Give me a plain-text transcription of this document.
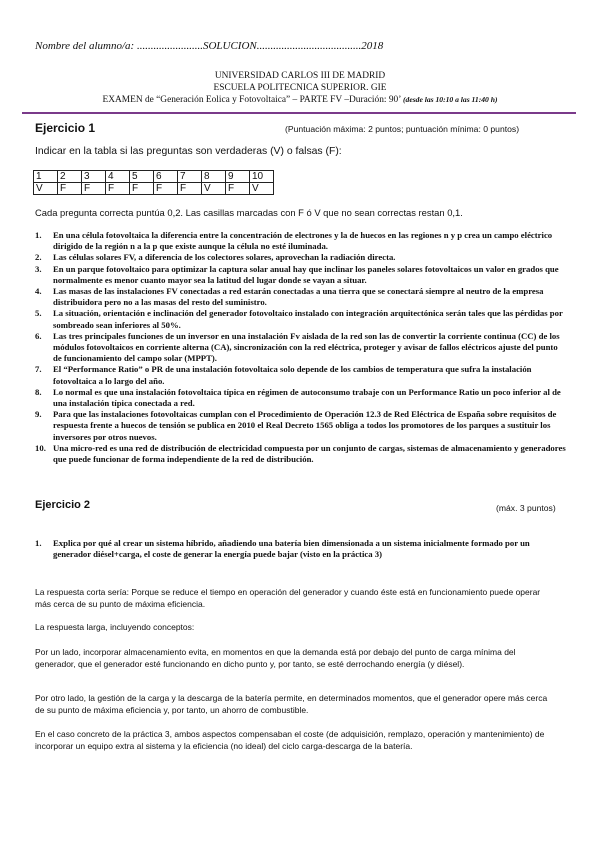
Nombre del alumno/a: ........................SOLUCION......................................2018
UNIVERSIDAD CARLOS III DE MADRID
ESCUELA POLITECNICA SUPERIOR. GIE
EXAMEN de “Generación Eolica y Fotovoltaica” – PARTE FV –Duración: 90’ (desde las 10:10 a las 11:40 h)
Ejercicio 1	(Puntuación máxima: 2 puntos; puntuación mínima: 0 puntos)
Indicar en la tabla si las preguntas son verdaderas (V) o falsas (F):
1	2	3	4	5	6	7	8	9	10
V	F	F	F	F	F	F	V	F	V
Cada pregunta correcta puntúa 0,2. Las casillas marcadas con F ó V que no sean correctas restan 0,1.
1.	En una célula fotovoltaica la diferencia entre la concentración de electrones y la de huecos en las regiones n y p crea un campo eléctrico dirigido de la región n a la p que existe aunque la célula no esté iluminada.
2.	Las células solares FV, a diferencia de los colectores solares, aprovechan la radiación directa.
3.	En un parque fotovoltaico para optimizar la captura solar anual hay que inclinar los paneles solares fotovoltaicos un valor en grados que normalmente es menor cuanto mayor sea la latitud del lugar donde se vayan a situar.
4.	Las masas de las instalaciones FV conectadas a red estarán conectadas a una tierra que se conectará siempre al neutro de la empresa distribuidora pero no a las masas del resto del suministro.
5.	La situación, orientación e inclinación del generador fotovoltaico instalado con integración arquitectónica serán tales que las pérdidas por sombreado sean inferiores al 50%.
6.	Las tres principales funciones de un inversor en una instalación Fv aislada de la red son las de convertir la corriente continua (CC) de los módulos fotovoltaicos en corriente alterna (CA), sincronización con la red eléctrica, proteger y avisar de fallos eléctricos ajuste del punto de funcionamiento del campo solar (MPPT).
7.	El “Performance Ratio” o PR de una instalación fotovoltaica solo depende de los cambios de temperatura que sufra la instalación fotovoltaica a lo largo del año.
8.	Lo normal es que una instalación fotovoltaica típica en régimen de autoconsumo trabaje con un Performance Ratio un poco inferior al de una instalación típica conectada a red.
9.	Para que las instalaciones fotovoltaicas cumplan con el Procedimiento de Operación 12.3 de Red Eléctrica de España sobre requisitos de respuesta frente a huecos de tensión se publica en 2010 el Real Decreto 1565 obliga a todos los promotores de los parques a sustituir los inversores por otros nuevos.
10. Una micro-red es una red de distribución de electricidad compuesta por un conjunto de cargas, sistemas de almacenamiento y generadores que puede funcionar de forma independiente de la red de distribución.
Ejercicio 2	(máx. 3 puntos)
1.	Explica por qué al crear un sistema híbrido, añadiendo una batería bien dimensionada a un sistema inicialmente formado por un generador diésel+carga, el coste de generar la energía puede bajar (visto en la práctica 3)
La respuesta corta sería: Porque se reduce el tiempo en operación del generador y cuando éste está en funcionamiento puede operar más cerca de su punto de máxima eficiencia.
La respuesta larga, incluyendo conceptos:
Por un lado, incorporar almacenamiento evita, en momentos en que la demanda está por debajo del punto de carga mínima del generador, que el generador esté funcionando en dicho punto y, por tanto, se esté derrochando energía (y diésel).
Por otro lado, la gestión de la carga y la descarga de la batería permite, en determinados momentos, que el generador opere más cerca de su punto de máxima eficiencia y, por tanto, un ahorro de combustible.
En el caso concreto de la práctica 3, ambos aspectos compensaban el coste (de adquisición, remplazo, operación y mantenimiento) de incorporar un equipo extra al sistema y la eficiencia (no ideal) del ciclo carga-descarga de la batería.
